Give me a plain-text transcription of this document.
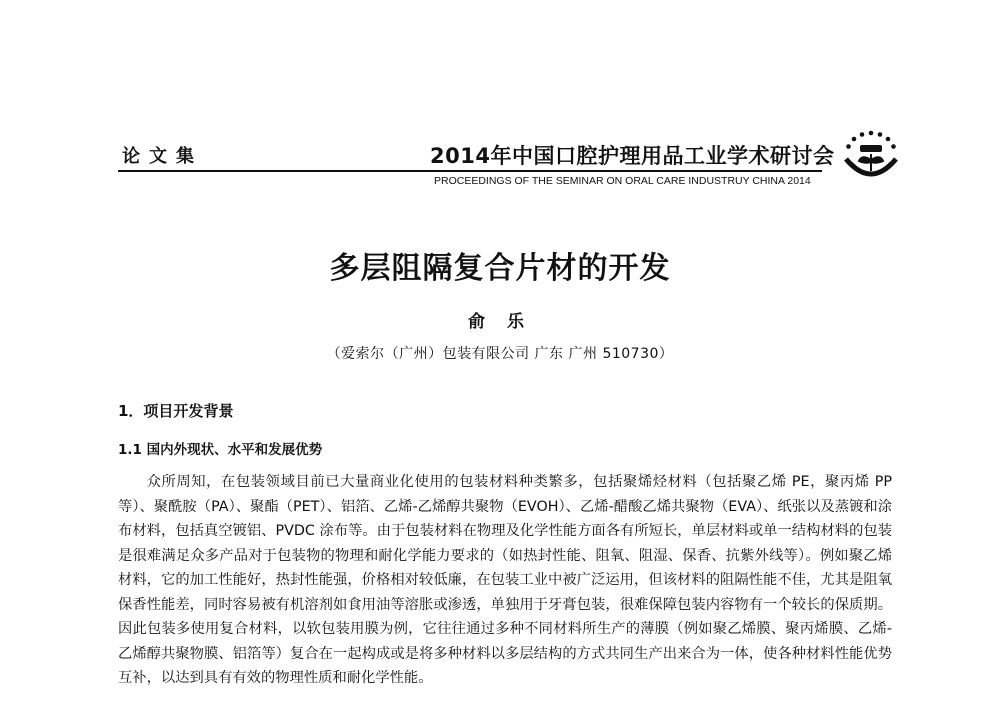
论文集	2014年中国口腔护理用品工业学术研讨会
PROCEEDINGS OF THE SEMINAR ON ORAL CARE INDUSTRUY CHINA 2014
多层阻隔复合片材的开发
俞 乐
（爱索尔（广州）包装有限公司 广东 广州 510730）
1．项目开发背景
1.1 国内外现状、水平和发展优势

众所周知，在包装领域目前已大量商业化使用的包装材料种类繁多，包括聚烯烃材料（包括聚乙烯 PE，聚丙烯 PP 等）、聚酰胺（PA）、聚酯（PET）、铝箔、乙烯-乙烯醇共聚物（EVOH）、乙烯-醋酸乙烯共聚物（EVA）、纸张以及蒸镀和涂布材料，包括真空镀铝、PVDC 涂布等。由于包装材料在物理及化学性能方面各有所短长，单层材料或单一结构材料的包装是很难满足众多产品对于包装物的物理和耐化学能力要求的（如热封性能、阻氧、阻湿、保香、抗紫外线等）。例如聚乙烯材料，它的加工性能好，热封性能强，价格相对较低廉，在包装工业中被广泛运用，但该材料的阻隔性能不佳，尤其是阻氧保香性能差，同时容易被有机溶剂如食用油等溶胀或渗透，单独用于牙膏包装，很难保障包装内容物有一个较长的保质期。因此包装多使用复合材料，以软包装用膜为例，它往往通过多种不同材料所生产的薄膜（例如聚乙烯膜、聚丙烯膜、乙烯-乙烯醇共聚物膜、铝箔等）复合在一起构成或是将多种材料以多层结构的方式共同生产出来合为一体，使各种材料性能优势互补，以达到具有有效的物理性质和耐化学性能。
